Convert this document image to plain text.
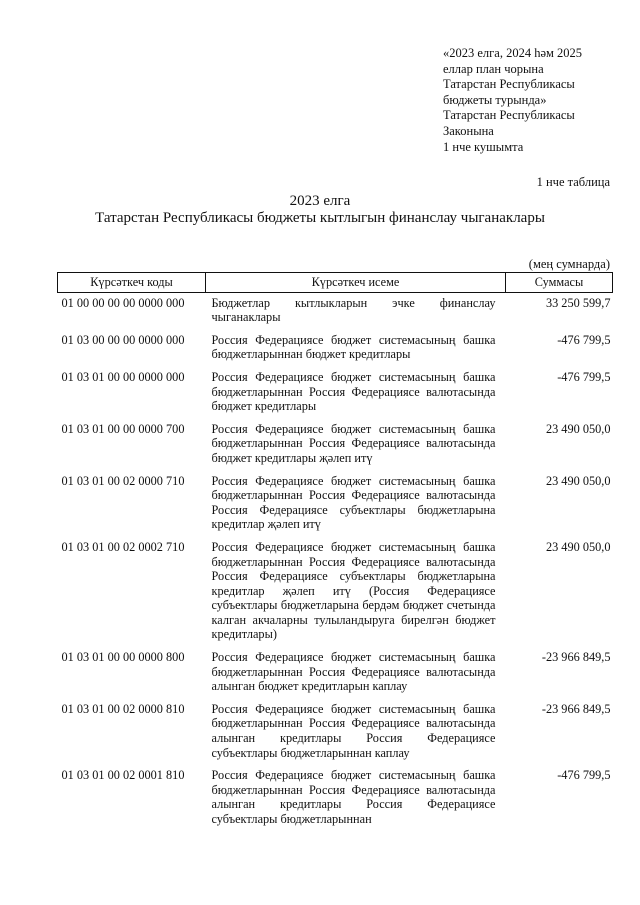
«2023 елга, 2024 һәм 2025
еллар план чорына
Татарстан Республикасы
бюджеты турында»
Татарстан Республикасы
Законына
1 нче кушымта
1 нче таблица
2023 елга
Татарстан Республикасы бюджеты кытлыгын финанслау чыганаклары
(мең сумнарда)
Күрсәткеч коды	Күрсәткеч исеме	Суммасы
01 00 00 00 00 0000 000	Бюджетлар кытлыкларын эчке финанслау чыганаклары	33 250 599,7
01 03 00 00 00 0000 000	Россия Федерациясе бюджет системасының башка бюджетларыннан бюджет кредитлары	-476 799,5
01 03 01 00 00 0000 000	Россия Федерациясе бюджет системасының башка бюджетларыннан Россия Федерациясе валютасында бюджет кредитлары	-476 799,5
01 03 01 00 00 0000 700	Россия Федерациясе бюджет системасының башка бюджетларыннан Россия Федерациясе валютасында бюджет кредитлары җәлеп итү	23 490 050,0
01 03 01 00 02 0000 710	Россия Федерациясе бюджет системасының башка бюджетларыннан Россия Федерациясе валютасында Россия Федерациясе субъектлары бюджетларына кредитлар җәлеп итү	23 490 050,0
01 03 01 00 02 0002 710	Россия Федерациясе бюджет системасының башка бюджетларыннан Россия Федерациясе валютасында Россия Федерациясе субъектлары бюджетларына кредитлар җәлеп итү (Россия Федерациясе субъектлары бюджетларына бердәм бюджет счетында калган акчаларны тулыландыруга бирелгән бюджет кредитлары)	23 490 050,0
01 03 01 00 00 0000 800	Россия Федерациясе бюджет системасының башка бюджетларыннан Россия Федерациясе валютасында алынган бюджет кредитларын каплау	-23 966 849,5
01 03 01 00 02 0000 810	Россия Федерациясе бюджет системасының башка бюджетларыннан Россия Федерациясе валютасында алынган кредитлары Россия Федерациясе субъектлары бюджетларыннан каплау	-23 966 849,5
01 03 01 00 02 0001 810	Россия Федерациясе бюджет системасының башка бюджетларыннан Россия Федерациясе валютасында алынган кредитлары Россия Федерациясе субъектлары бюджетларыннан	-476 799,5
